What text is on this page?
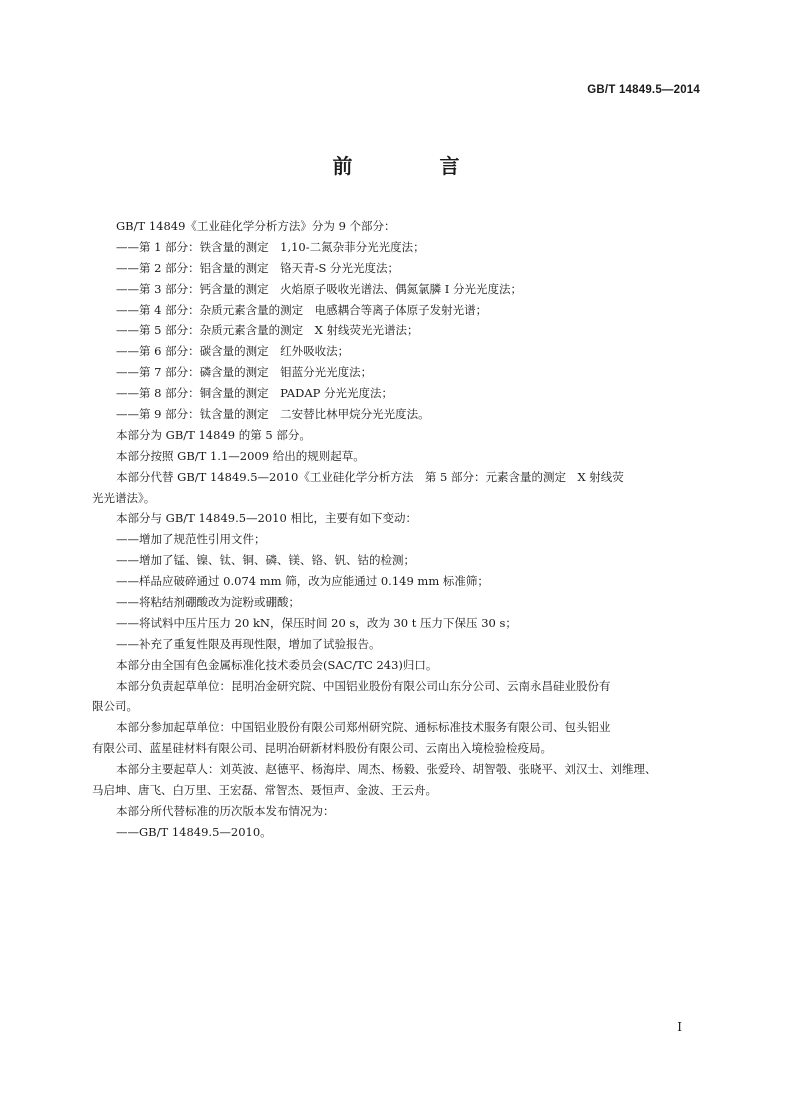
GB/T 14849.5—2014
前 言
GB/T 14849《工业硅化学分析方法》分为 9 个部分：
——第 1 部分：铁含量的测定　1,10-二氮杂菲分光光度法；
——第 2 部分：铝含量的测定　铬天青-S 分光光度法；
——第 3 部分：钙含量的测定　火焰原子吸收光谱法、偶氮氯膦 Ⅰ 分光光度法；
——第 4 部分：杂质元素含量的测定　电感耦合等离子体原子发射光谱；
——第 5 部分：杂质元素含量的测定　X 射线荧光光谱法；
——第 6 部分：碳含量的测定　红外吸收法；
——第 7 部分：磷含量的测定　钼蓝分光光度法；
——第 8 部分：铜含量的测定　PADAP 分光光度法；
——第 9 部分：钛含量的测定　二安替比林甲烷分光光度法。
本部分为 GB/T 14849 的第 5 部分。
本部分按照 GB/T 1.1—2009 给出的规则起草。
本部分代替 GB/T 14849.5—2010《工业硅化学分析方法　第 5 部分：元素含量的测定　X 射线荧
光光谱法》。
本部分与 GB/T 14849.5—2010 相比，主要有如下变动：
——增加了规范性引用文件；
——增加了锰、镍、钛、铜、磷、镁、铬、钒、钴的检测；
——样品应破碎通过 0.074 mm 筛，改为应能通过 0.149 mm 标准筛；
——将粘结剂硼酸改为淀粉或硼酸；
——将试料中压片压力 20 kN，保压时间 20 s，改为 30 t 压力下保压 30 s；
——补充了重复性限及再现性限，增加了试验报告。
本部分由全国有色金属标准化技术委员会(SAC/TC 243)归口。
本部分负责起草单位：昆明冶金研究院、中国铝业股份有限公司山东分公司、云南永昌硅业股份有
限公司。
本部分参加起草单位：中国铝业股份有限公司郑州研究院、通标标准技术服务有限公司、包头铝业
有限公司、蓝星硅材料有限公司、昆明冶研新材料股份有限公司、云南出入境检验检疫局。
本部分主要起草人：刘英波、赵德平、杨海岸、周杰、杨毅、张爱玲、胡智彀、张晓平、刘汉士、刘维理、
马启坤、唐飞、白万里、王宏磊、常智杰、聂恒声、金波、王云舟。
本部分所代替标准的历次版本发布情况为：
——GB/T 14849.5—2010。
Ⅰ
